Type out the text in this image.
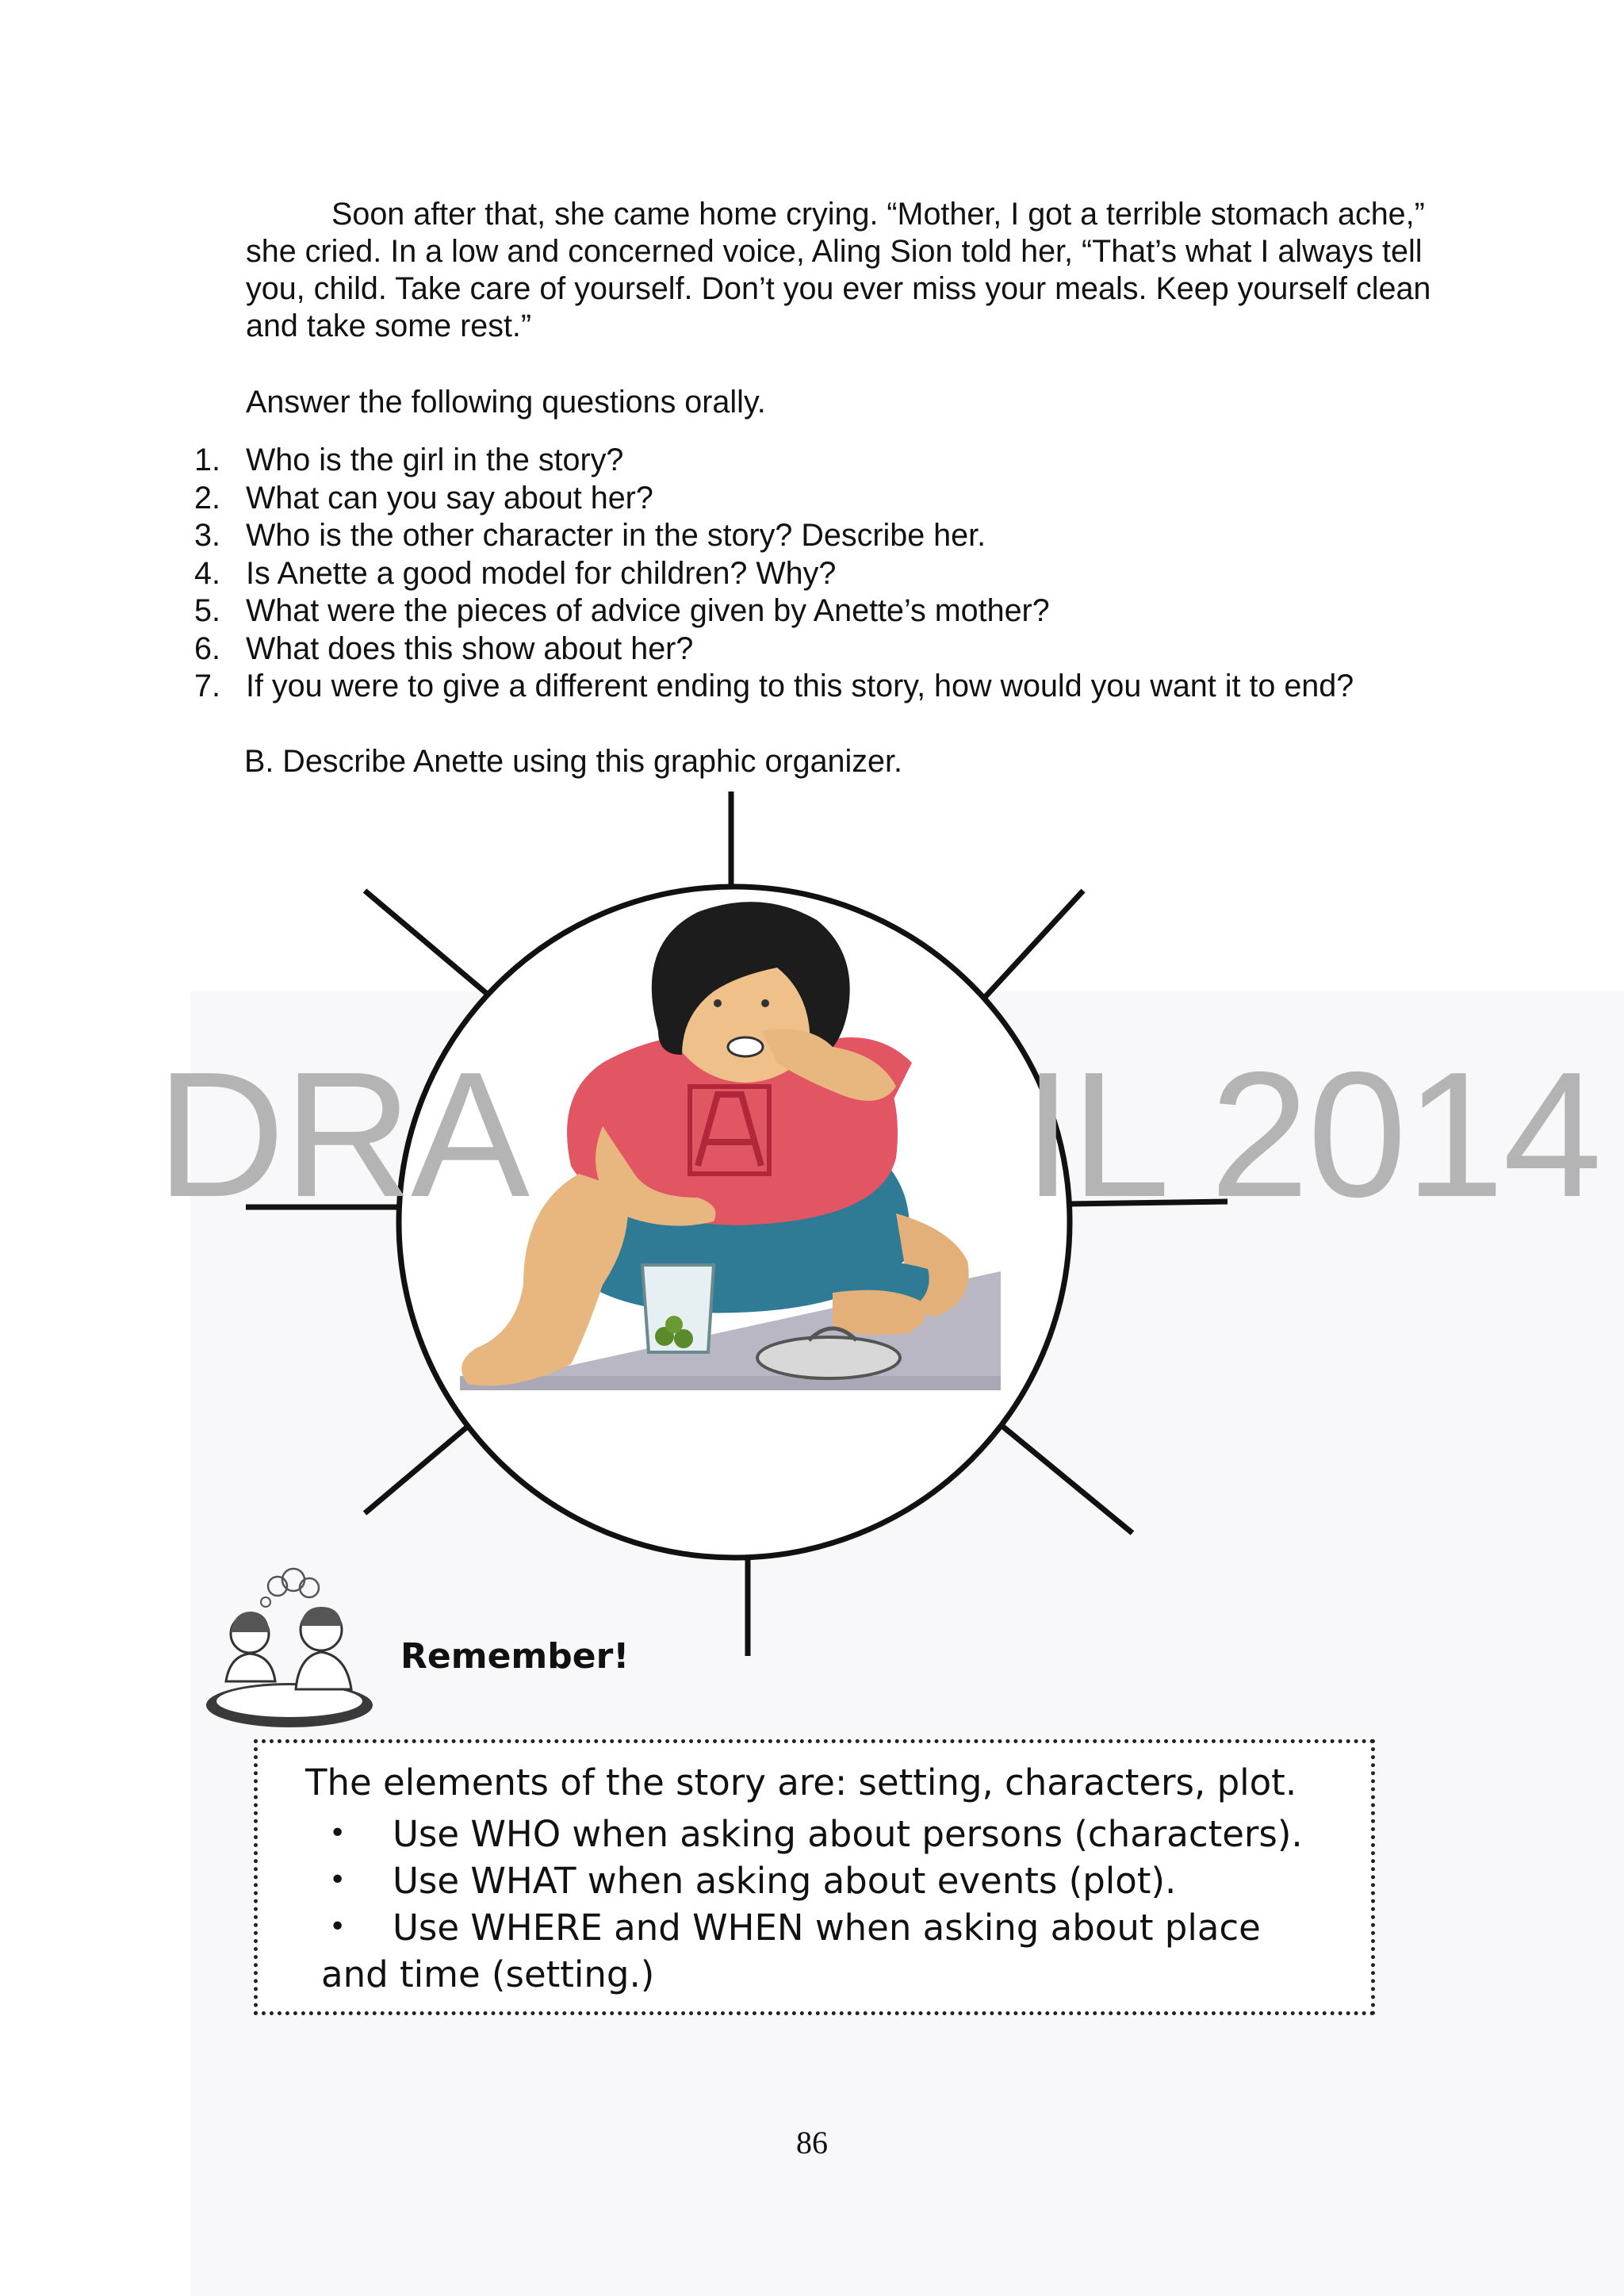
Soon after that, she came home crying. “Mother, I got a terrible stomach ache,” she cried. In a low and concerned voice, Aling Sion told her, “That’s what I always tell you, child. Take care of yourself. Don’t you ever miss your meals. Keep yourself clean and take some rest.”

Answer the following questions orally.

1. Who is the girl in the story?
2. What can you say about her?
3. Who is the other character in the story? Describe her.
4. Is Anette a good model for children? Why?
5. What were the pieces of advice given by Anette’s mother?
6. What does this show about her?
7. If you were to give a different ending to this story, how would you want it to end?

B. Describe Anette using this graphic organizer.

DRA	IL 2014

Remember!

The elements of the story are: setting, characters, plot.

• Use WHO when asking about persons (characters).
• Use WHAT when asking about events (plot).
• Use WHERE and WHEN when asking about place
and time (setting.)

86
